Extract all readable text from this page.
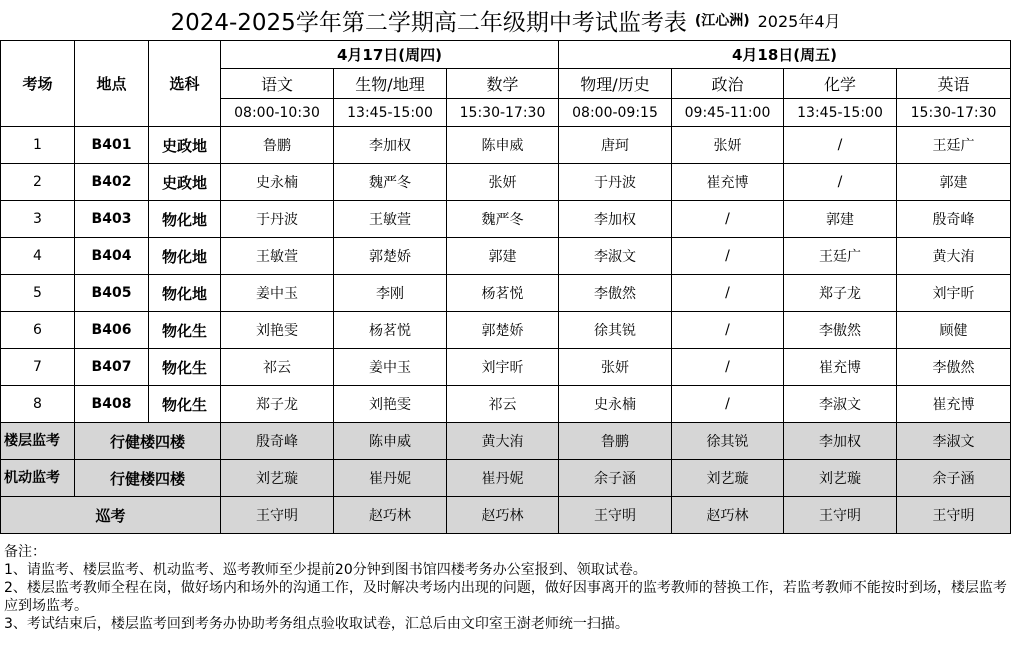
2024-2025学年第二学期高二年级期中考试监考表 (江心洲) 2025年4月
考场	地点	选科	4月17日(周四)			4月18日(周五)			
			语文	生物/地理	数学	物理/历史	政治	化学	英语
			08:00-10:30	13:45-15:00	15:30-17:30	08:00-09:15	09:45-11:00	13:45-15:00	15:30-17:30
1	B401	史政地	鲁鹏	李加权	陈申威	唐珂	张妍	/	王廷广
2	B402	史政地	史永楠	魏严冬	张妍	于丹波	崔充博	/	郭建
3	B403	物化地	于丹波	王敏萱	魏严冬	李加权	/	郭建	殷奇峰
4	B404	物化地	王敏萱	郭楚娇	郭建	李淑文	/	王廷广	黄大洧
5	B405	物化地	姜中玉	李刚	杨茗悦	李傲然	/	郑子龙	刘宇昕
6	B406	物化生	刘艳雯	杨茗悦	郭楚娇	徐其锐	/	李傲然	顾健
7	B407	物化生	祁云	姜中玉	刘宇昕	张妍	/	崔充博	李傲然
8	B408	物化生	郑子龙	刘艳雯	祁云	史永楠	/	李淑文	崔充博
楼层监考	行健楼四楼		殷奇峰	陈申威	黄大洧	鲁鹏	徐其锐	李加权	李淑文
机动监考	行健楼四楼		刘艺璇	崔丹妮	崔丹妮	余子涵	刘艺璇	刘艺璇	余子涵
巡考			王守明	赵巧林	赵巧林	王守明	赵巧林	王守明	王守明
备注：
1、请监考、楼层监考、机动监考、巡考教师至少提前20分钟到图书馆四楼考务办公室报到、领取试卷。
2、楼层监考教师全程在岗，做好场内和场外的沟通工作，及时解决考场内出现的问题，做好因事离开的监考教师的替换工作，若监考教师不能按时到场，楼层监考应到场监考。
3、考试结束后，楼层监考回到考务办协助考务组点验收取试卷，汇总后由文印室王澍老师统一扫描。
